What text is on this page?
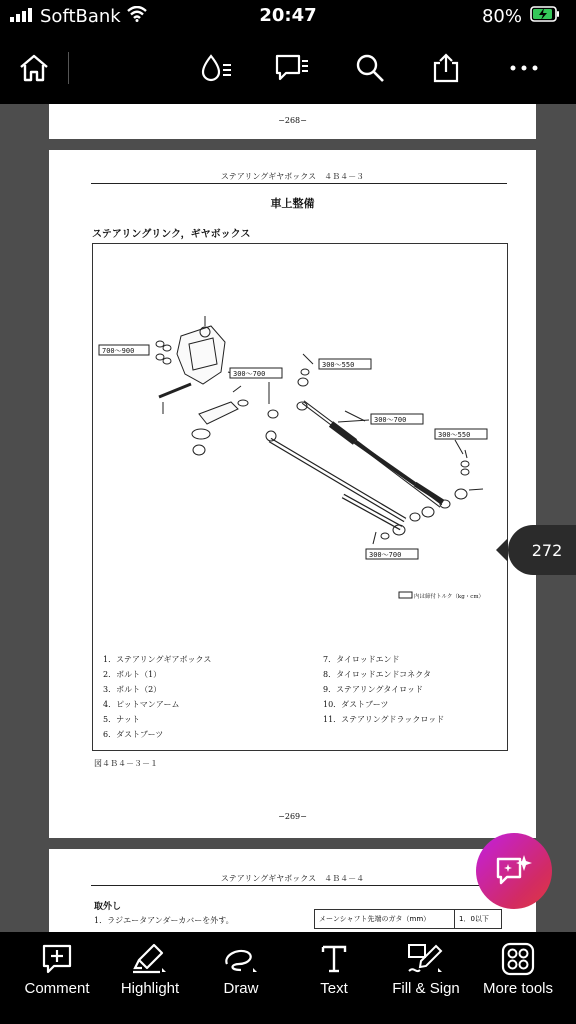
SoftBank	20:47	80%
−268−
ステアリングギヤボックス　４Ｂ４－３
車上整備
ステアリングリンク，ギヤボックス
700～900
300～700
300～550
300～700
300～550
300～700
内は締付トルク（kg・cm）
1．ステアリングギアボックス
2．ボルト（1）
3．ボルト（2）
4．ピットマンアーム
5．ナット
6．ダストブーツ
7．タイロッドエンド
8．タイロッドエンドコネクタ
9．ステアリングタイロッド
10．ダストブーツ
11．ステアリングドラックロッド
図４Ｂ４－３－１
−269−
ステアリングギヤボックス　４Ｂ４－４
取外し
1．ラジエータアンダーカバーを外す。	メーンシャフト先端のガタ（mm）	1．0以下
272
Comment	Highlight	Draw	Text	Fill & Sign	More tools
